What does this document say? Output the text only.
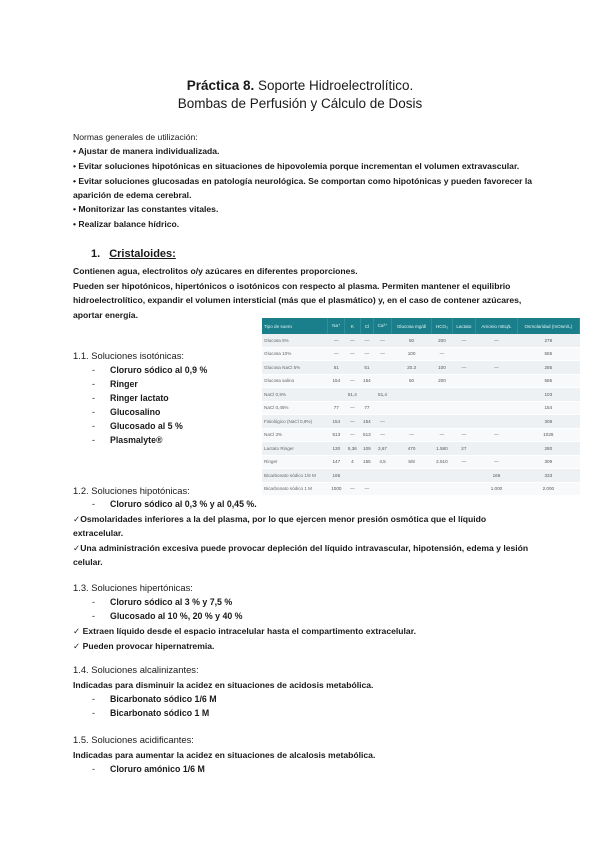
Práctica 8. Soporte Hidroelectrolítico.
Bombas de Perfusión y Cálculo de Dosis
Normas generales de utilización:
• Ajustar de manera individualizada.
• Evitar soluciones hipotónicas en situaciones de hipovolemia porque incrementan el volumen extravascular.
• Evitar soluciones glucosadas en patología neurológica. Se comportan como hipotónicas y pueden favorecer la
aparición de edema cerebral.
• Monitorizar las constantes vitales.
• Realizar balance hídrico.
1. Cristaloides:
Contienen agua, electrolitos o/y azúcares en diferentes proporciones.
Pueden ser hipotónicos, hipertónicos o isotónicos con respecto al plasma. Permiten mantener el equilibrio
hidroelectrolítico, expandir el volumen intersticial (más que el plasmático) y, en el caso de contener azúcares,
aportar energía.
Tipo de suero	Na⁺	K	Cl	Ca²⁺	Glucosa mg/dl	HCO₃	Lactato	Amonio mEq/L	Osmolaridad (mOsm/L)
Glucosa 5%	—	—	—	—	50	200	—	—	278
Glucosa 10%	—	—	—	—	100	—			555
Glucosa NaCl 5%	51		51		20.3	100	—	—	285
Glucosa salino	154	—	154		50	200			585
NaCl 0,9%		51,4		51,4					103
NaCl 0,45%	77	—	77						154
Fisiológico (NaCl 0,9%)	154	—	154	—					308
NaCl 3%	513	—	513	—	—	—	—	—	1026
Lactato Ringer	130	5,36	109	3,67	470	1.580	27		280
Ringer	147	4	155	4,5	5/8	2.510	—	—	309
Bicarbonato sódico 1/6 M	166							166	333
Bicarbonato sódico 1 M	1000	—	—					1.000	2.000
1.1. Soluciones isotónicas:
- Cloruro sódico al 0,9 %
- Ringer
- Ringer lactato
- Glucosalino
- Glucosado al 5 %
- Plasmalyte®
1.2. Soluciones hipotónicas:
- Cloruro sódico al 0,3 % y al 0,45 %.
✓Osmolaridades inferiores a la del plasma, por lo que ejercen menor presión osmótica que el líquido
extracelular.
✓Una administración excesiva puede provocar depleción del líquido intravascular, hipotensión, edema y lesión
celular.
1.3. Soluciones hipertónicas:
- Cloruro sódico al 3 % y 7,5 %
- Glucosado al 10 %, 20 % y 40 %
✓ Extraen líquido desde el espacio intracelular hasta el compartimento extracelular.
✓ Pueden provocar hipernatremia.
1.4. Soluciones alcalinizantes:
Indicadas para disminuir la acidez en situaciones de acidosis metabólica.
- Bicarbonato sódico 1/6 M
- Bicarbonato sódico 1 M
1.5. Soluciones acidificantes:
Indicadas para aumentar la acidez en situaciones de alcalosis metabólica.
- Cloruro amónico 1/6 M
